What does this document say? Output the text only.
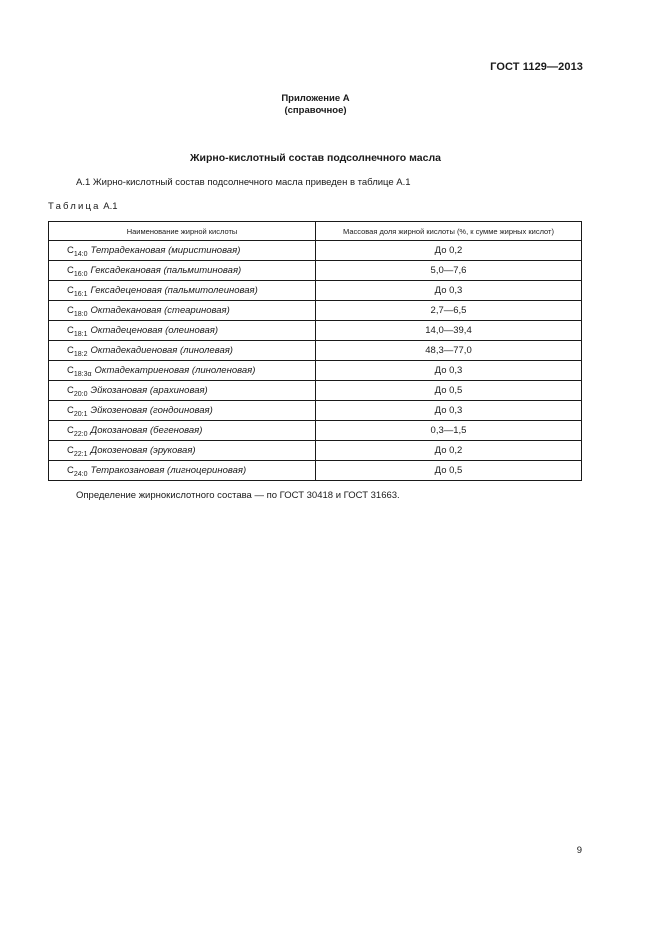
ГОСТ 1129—2013
Приложение А
(справочное)
Жирно-кислотный состав подсолнечного масла
А.1 Жирно-кислотный состав подсолнечного масла приведен в таблице А.1
Таблица А.1
Наименование жирной кислоты	Массовая доля жирной кислоты (%, к сумме жирных кислот)
$C_{14:0}$ Тетрадекановая (миристиновая)	До 0,2
$C_{16:0}$ Гексадекановая (пальмитиновая)	5,0—7,6
$C_{16:1}$ Гексадеценовая (пальмитолеиновая)	До 0,3
$C_{18:0}$ Октадекановая (стеариновая)	2,7—6,5
$C_{18:1}$ Октадеценовая (олеиновая)	14,0—39,4
$C_{18:2}$ Октадекадиеновая (линолевая)	48,3—77,0
$C_{18:3\alpha}$ Октадекатриеновая (линоленовая)	До 0,3
$C_{20:0}$ Эйкозановая (арахиновая)	До 0,5
$C_{20:1}$ Эйкозеновая (гондоиновая)	До 0,3
$C_{22:0}$ Докозановая (бегеновая)	0,3—1,5
$C_{22:1}$ Докозеновая (эруковая)	До 0,2
$C_{24:0}$ Тетракозановая (лигноцериновая)	До 0,5
Определение жирнокислотного состава — по ГОСТ 30418 и ГОСТ 31663.
9
